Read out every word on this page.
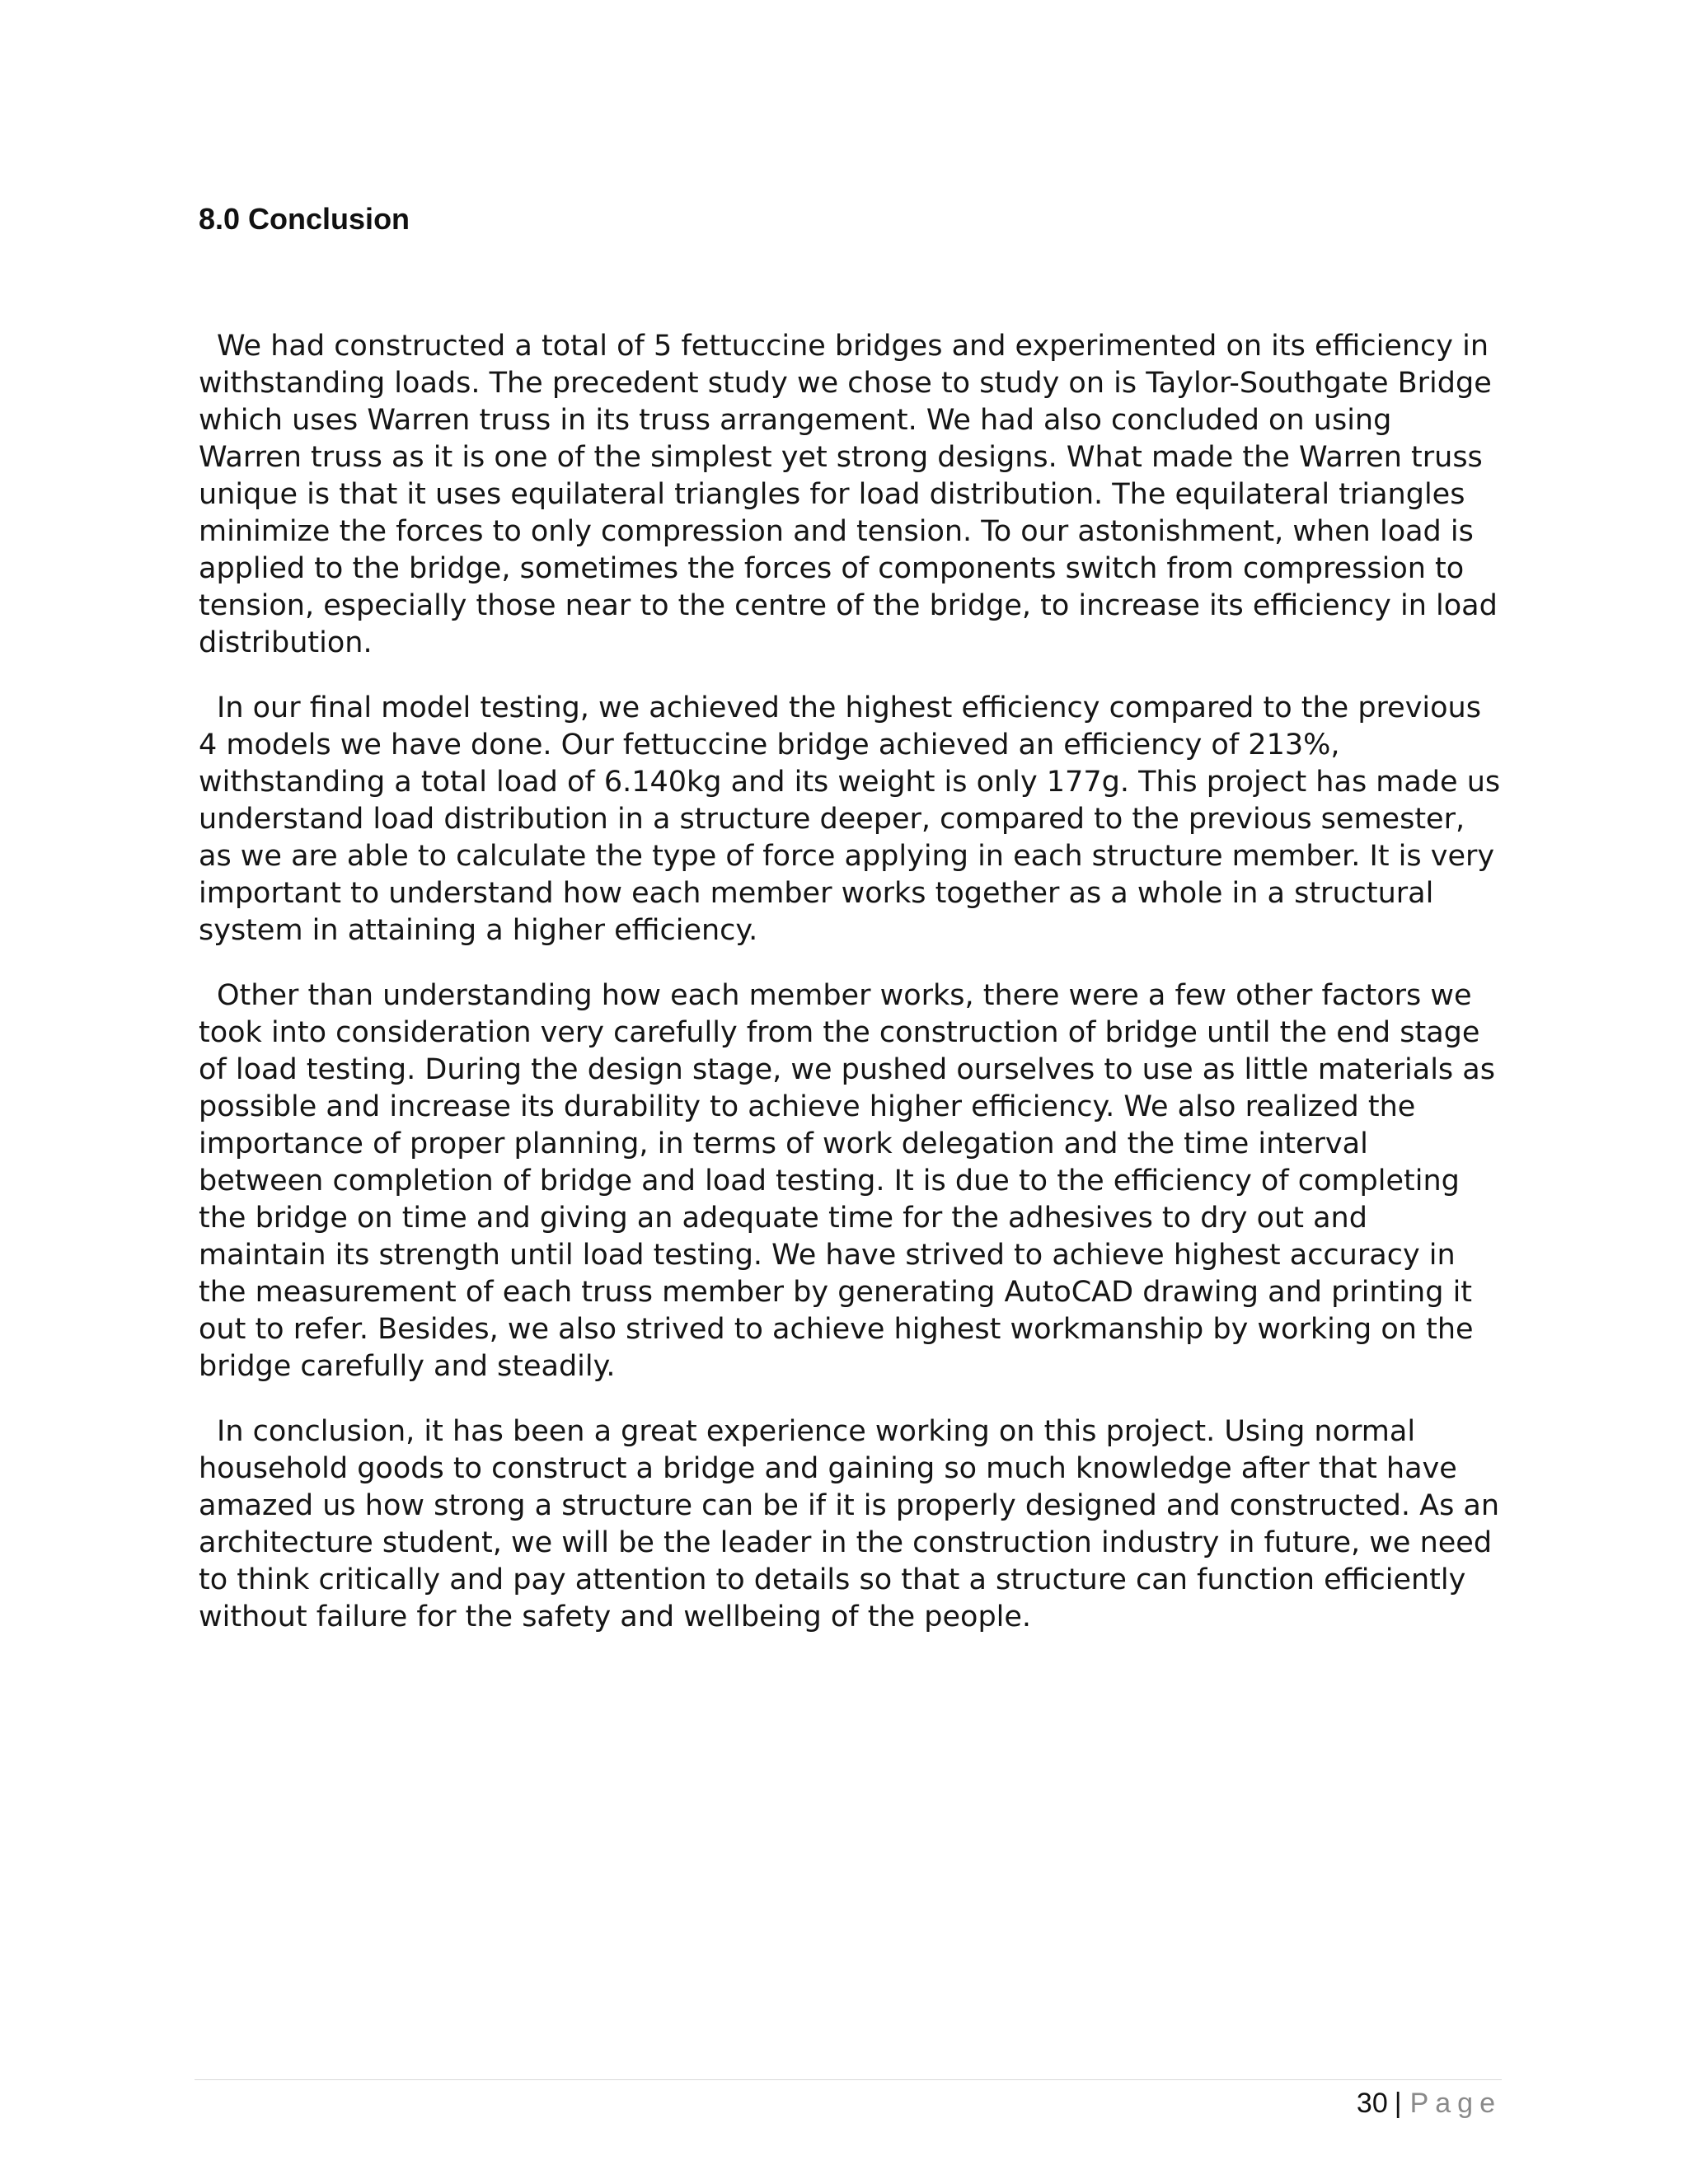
8.0 Conclusion

We had constructed a total of 5 fettuccine bridges and experimented on its efficiency in withstanding loads. The precedent study we chose to study on is Taylor-Southgate Bridge which uses Warren truss in its truss arrangement. We had also concluded on using Warren truss as it is one of the simplest yet strong designs. What made the Warren truss unique is that it uses equilateral triangles for load distribution. The equilateral triangles minimize the forces to only compression and tension. To our astonishment, when load is applied to the bridge, sometimes the forces of components switch from compression to tension, especially those near to the centre of the bridge, to increase its efficiency in load distribution.

In our final model testing, we achieved the highest efficiency compared to the previous 4 models we have done. Our fettuccine bridge achieved an efficiency of 213%, withstanding a total load of 6.140kg and its weight is only 177g. This project has made us understand load distribution in a structure deeper, compared to the previous semester, as we are able to calculate the type of force applying in each structure member. It is very important to understand how each member works together as a whole in a structural system in attaining a higher efficiency.

Other than understanding how each member works, there were a few other factors we took into consideration very carefully from the construction of bridge until the end stage of load testing. During the design stage, we pushed ourselves to use as little materials as possible and increase its durability to achieve higher efficiency. We also realized the importance of proper planning, in terms of work delegation and the time interval between completion of bridge and load testing. It is due to the efficiency of completing the bridge on time and giving an adequate time for the adhesives to dry out and maintain its strength until load testing. We have strived to achieve highest accuracy in the measurement of each truss member by generating AutoCAD drawing and printing it out to refer. Besides, we also strived to achieve highest workmanship by working on the bridge carefully and steadily.

In conclusion, it has been a great experience working on this project. Using normal household goods to construct a bridge and gaining so much knowledge after that have amazed us how strong a structure can be if it is properly designed and constructed. As an architecture student, we will be the leader in the construction industry in future, we need to think critically and pay attention to details so that a structure can function efficiently without failure for the safety and wellbeing of the people.

30 | Page
